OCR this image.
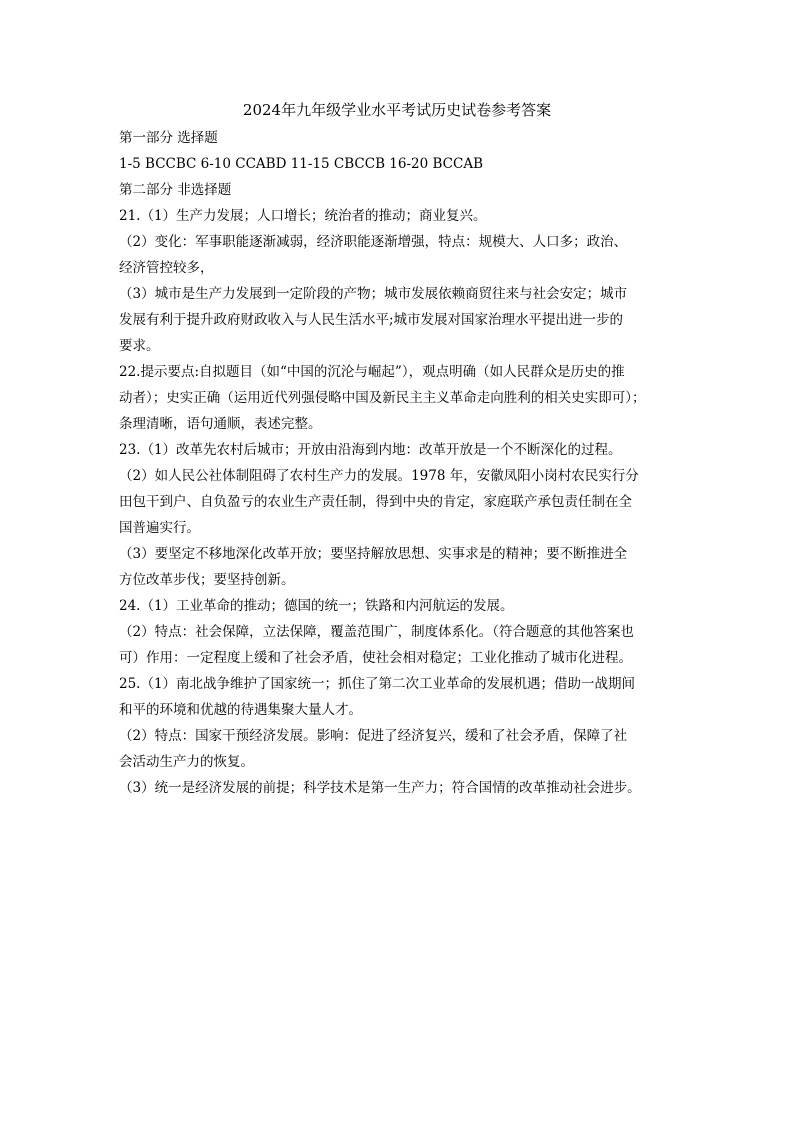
2024年九年级学业水平考试历史试卷参考答案
第一部分 选择题
1-5 BCCBC 6-10 CCABD 11-15 CBCCB 16-20 BCCAB
第二部分 非选择题
21.（1）生产力发展；人口增长；统治者的推动；商业复兴。
（2）变化：军事职能逐渐减弱，经济职能逐渐增强，特点：规模大、人口多；政治、
经济管控较多，
（3）城市是生产力发展到一定阶段的产物；城市发展依赖商贸往来与社会安定；城市
发展有利于提升政府财政收入与人民生活水平;城市发展对国家治理水平提出进一步的
要求。
22.提示要点:自拟题目（如“中国的沉沦与崛起”），观点明确（如人民群众是历史的推
动者）；史实正确（运用近代列强侵略中国及新民主主义革命走向胜利的相关史实即可）；
条理清晰，语句通顺，表述完整。
23.（1）改革先农村后城市；开放由沿海到内地：改革开放是一个不断深化的过程。
（2）如人民公社体制阻碍了农村生产力的发展。1978 年，安徽凤阳小岗村农民实行分
田包干到户、自负盈亏的农业生产责任制，得到中央的肯定，家庭联产承包责任制在全
国普遍实行。
（3）要坚定不移地深化改革开放；要坚持解放思想、实事求是的精神；要不断推进全
方位改革步伐；要坚持创新。
24.（1）工业革命的推动；德国的统一；铁路和内河航运的发展。
（2）特点：社会保障，立法保障，覆盖范围广，制度体系化。（符合题意的其他答案也
可）作用：一定程度上缓和了社会矛盾，使社会相对稳定；工业化推动了城市化进程。
25.（1）南北战争维护了国家统一；抓住了第二次工业革命的发展机遇；借助一战期间
和平的环境和优越的待遇集聚大量人才。
（2）特点：国家干预经济发展。影响：促进了经济复兴，缓和了社会矛盾，保障了社
会活动生产力的恢复。
（3）统一是经济发展的前提；科学技术是第一生产力；符合国情的改革推动社会进步。
